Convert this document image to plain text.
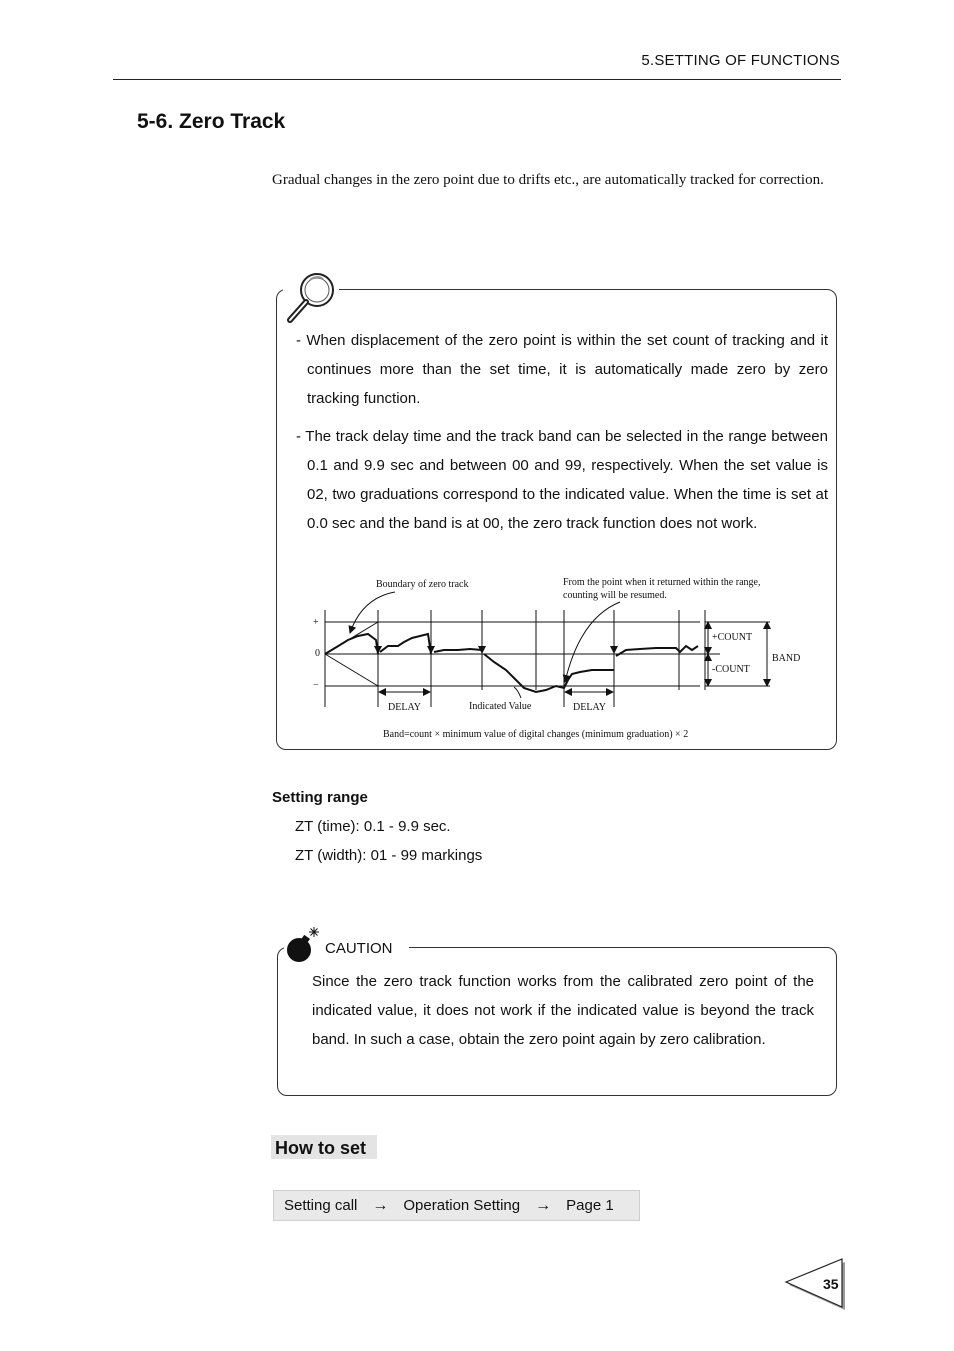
5.SETTING OF FUNCTIONS
5-6. Zero Track
Gradual changes in the zero point due to drifts etc., are automatically tracked for correction.
- When displacement of the zero point is within the set count of tracking and it continues more than the set time, it is automatically made zero by zero tracking function.
- The track delay time and the track band can be selected in the range between 0.1 and 9.9 sec and between 00 and 99, respectively. When the set value is 02, two graduations correspond to the indicated value. When the time is set at 0.0 sec and the band is at 00, the zero track function does not work.
Boundary of zero track	From the point when it returned within the range,
counting will be resumed.
+
0
−
+COUNT
-COUNT
BAND
DELAY	DELAY
Indicated Value
Band=count × minimum value of digital changes (minimum graduation) × 2
Setting range
ZT (time): 0.1 - 9.9 sec.
ZT (width): 01 - 99 markings
CAUTION
Since the zero track function works from the calibrated zero point of the indicated value, it does not work if the indicated value is beyond the track band. In such a case, obtain the zero point again by zero calibration.
How to set
Setting call → Operation Setting → Page 1
35
